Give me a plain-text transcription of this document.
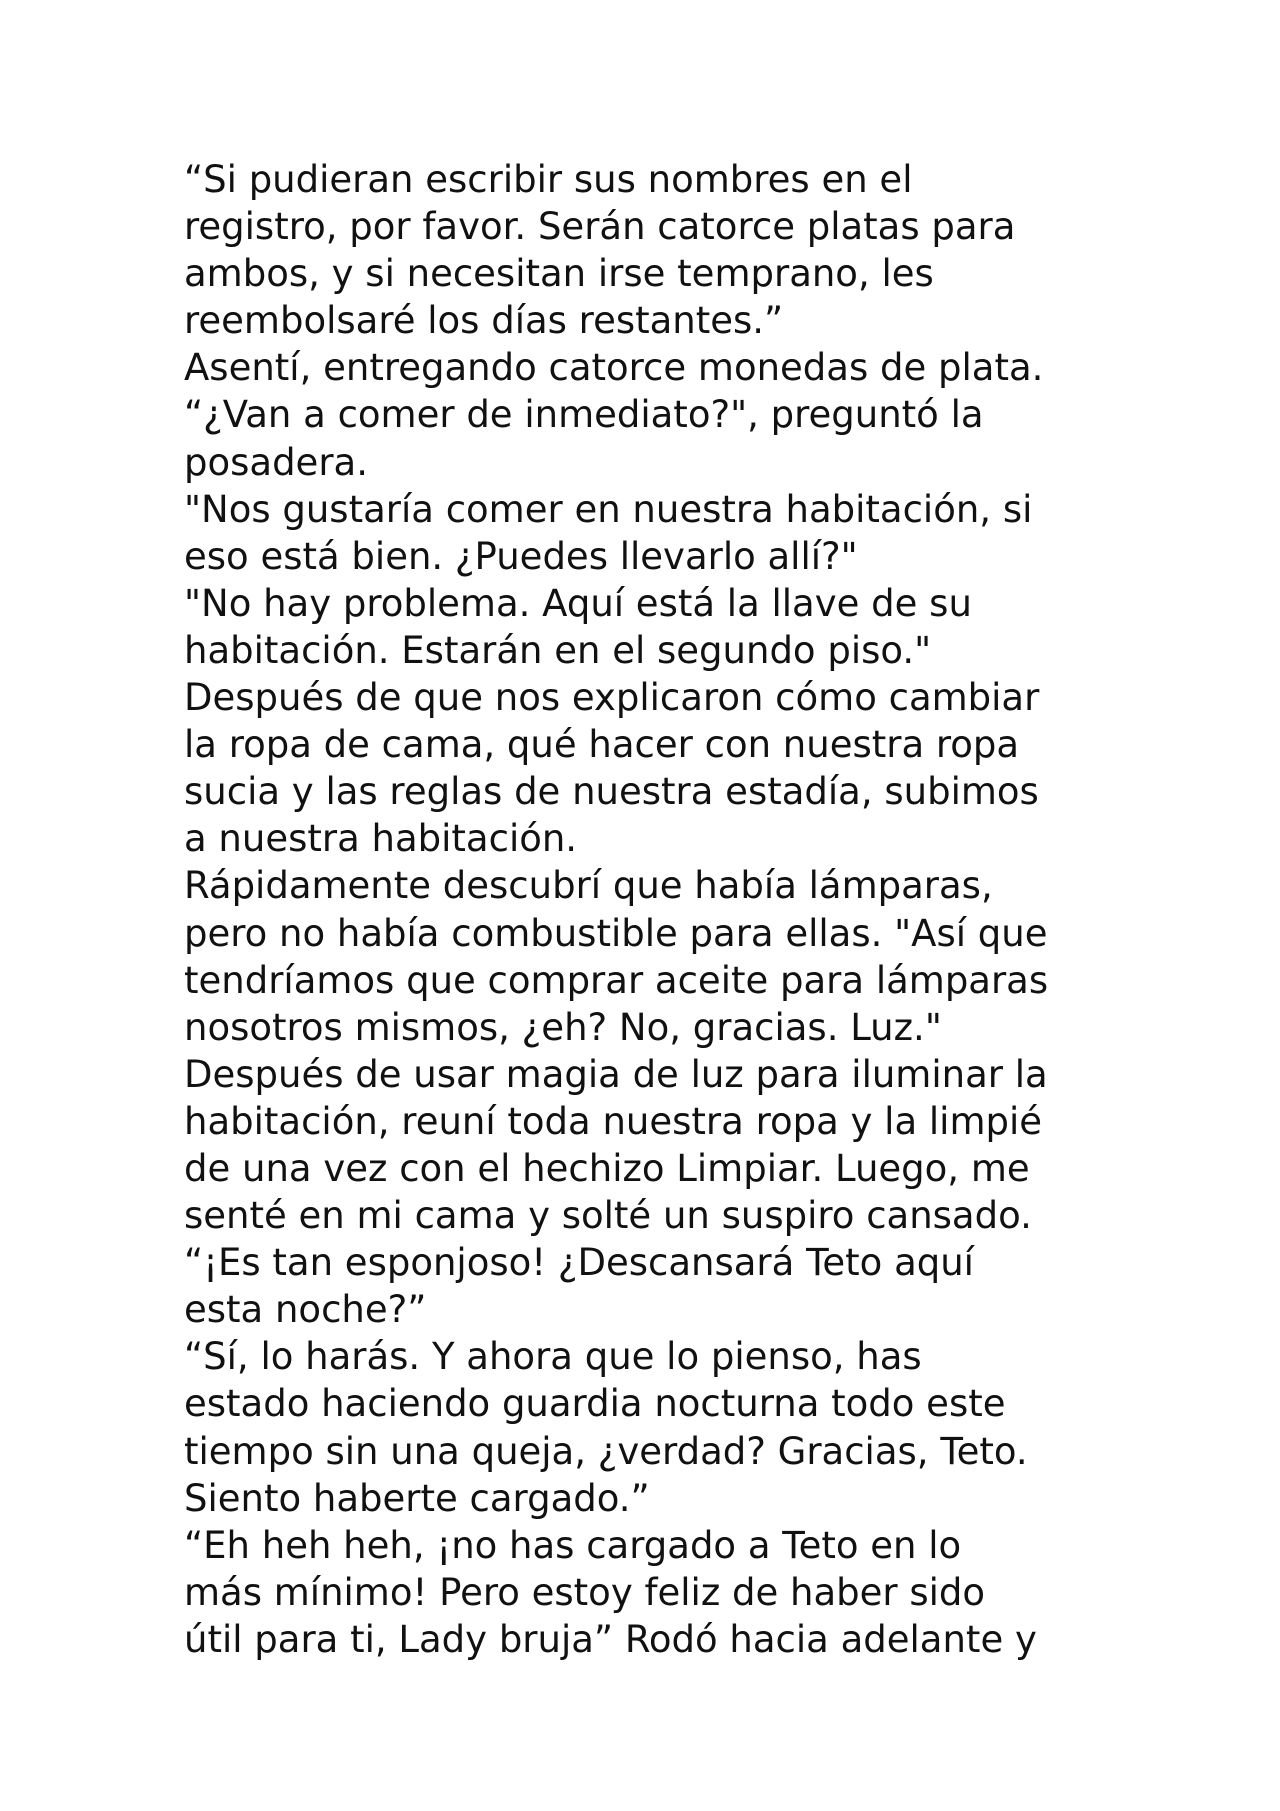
“Si pudieran escribir sus nombres en el
registro, por favor. Serán catorce platas para
ambos, y si necesitan irse temprano, les
reembolsaré los días restantes.”
Asentí, entregando catorce monedas de plata.
“¿Van a comer de inmediato?", preguntó la
posadera.
"Nos gustaría comer en nuestra habitación, si
eso está bien. ¿Puedes llevarlo allí?"
"No hay problema. Aquí está la llave de su
habitación. Estarán en el segundo piso."
Después de que nos explicaron cómo cambiar
la ropa de cama, qué hacer con nuestra ropa
sucia y las reglas de nuestra estadía, subimos
a nuestra habitación.
Rápidamente descubrí que había lámparas,
pero no había combustible para ellas. "Así que
tendríamos que comprar aceite para lámparas
nosotros mismos, ¿eh? No, gracias. Luz."
Después de usar magia de luz para iluminar la
habitación, reuní toda nuestra ropa y la limpié
de una vez con el hechizo Limpiar. Luego, me
senté en mi cama y solté un suspiro cansado.
“¡Es tan esponjoso! ¿Descansará Teto aquí
esta noche?”
“Sí, lo harás. Y ahora que lo pienso, has
estado haciendo guardia nocturna todo este
tiempo sin una queja, ¿verdad? Gracias, Teto.
Siento haberte cargado.”
“Eh heh heh, ¡no has cargado a Teto en lo
más mínimo! Pero estoy feliz de haber sido
útil para ti, Lady bruja” Rodó hacia adelante y
